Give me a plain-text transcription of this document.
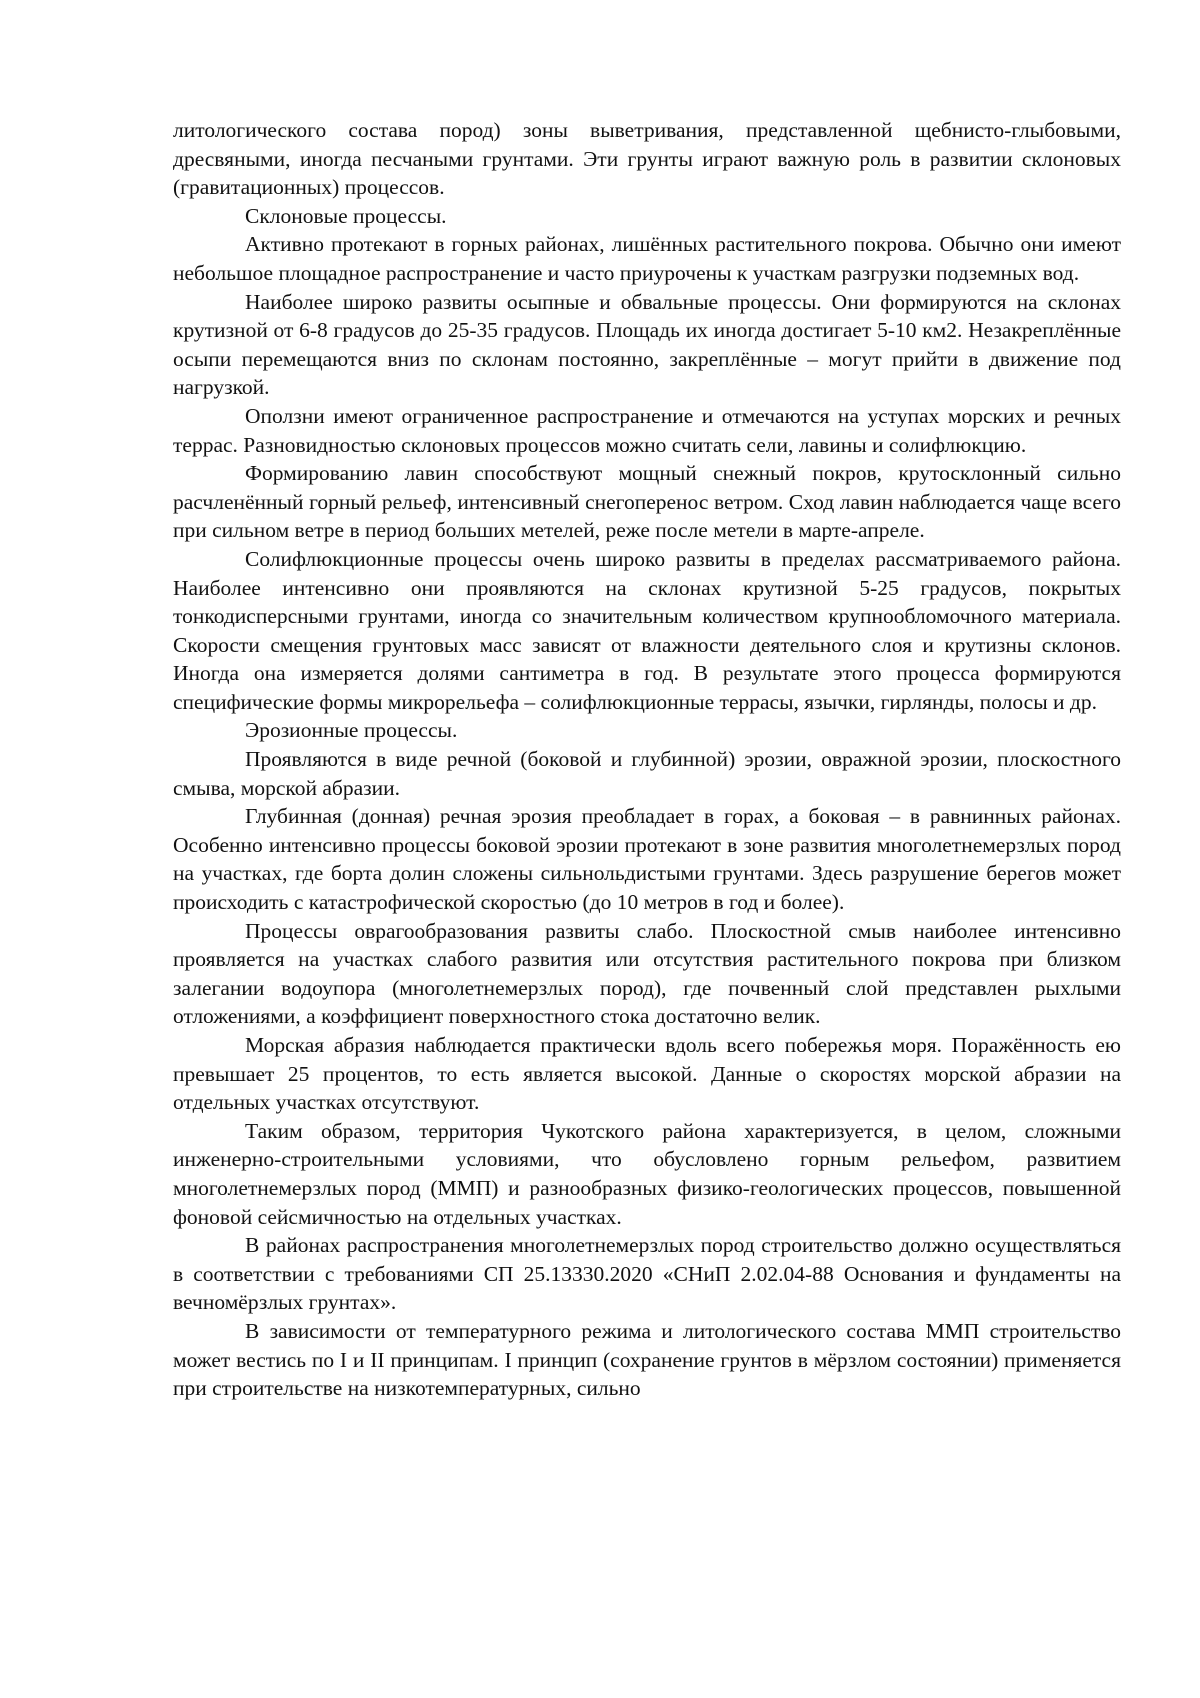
литологического состава пород) зоны выветривания, представленной щебнисто-глыбовыми, дресвяными, иногда песчаными грунтами. Эти грунты играют важную роль в развитии склоновых (гравитационных) процессов.

Склоновые процессы.

Активно протекают в горных районах, лишённых растительного покрова. Обычно они имеют небольшое площадное распространение и часто приурочены к участкам разгрузки подземных вод.

Наиболее широко развиты осыпные и обвальные процессы. Они формируются на склонах крутизной от 6-8 градусов до 25-35 градусов. Площадь их иногда достигает 5-10 км2. Незакреплённые осыпи перемещаются вниз по склонам постоянно, закреплённые – могут прийти в движение под нагрузкой.

Оползни имеют ограниченное распространение и отмечаются на уступах морских и речных террас. Разновидностью склоновых процессов можно считать сели, лавины и солифлюкцию.

Формированию лавин способствуют мощный снежный покров, крутосклонный сильно расчленённый горный рельеф, интенсивный снегоперенос ветром. Сход лавин наблюдается чаще всего при сильном ветре в период больших метелей, реже после метели в марте-апреле.

Солифлюкционные процессы очень широко развиты в пределах рассматриваемого района. Наиболее интенсивно они проявляются на склонах крутизной 5-25 градусов, покрытых тонкодисперсными грунтами, иногда со значительным количеством крупнообломочного материала. Скорости смещения грунтовых масс зависят от влажности деятельного слоя и крутизны склонов. Иногда она измеряется долями сантиметра в год. В результате этого процесса формируются специфические формы микрорельефа – солифлюкционные террасы, язычки, гирлянды, полосы и др.

Эрозионные процессы.

Проявляются в виде речной (боковой и глубинной) эрозии, овражной эрозии, плоскостного смыва, морской абразии.

Глубинная (донная) речная эрозия преобладает в горах, а боковая – в равнинных районах. Особенно интенсивно процессы боковой эрозии протекают в зоне развития многолетнемерзлых пород на участках, где борта долин сложены сильнольдистыми грунтами. Здесь разрушение берегов может происходить с катастрофической скоростью (до 10 метров в год и более).

Процессы оврагообразования развиты слабо. Плоскостной смыв наиболее интенсивно проявляется на участках слабого развития или отсутствия растительного покрова при близком залегании водоупора (многолетнемерзлых пород), где почвенный слой представлен рыхлыми отложениями, а коэффициент поверхностного стока достаточно велик.

Морская абразия наблюдается практически вдоль всего побережья моря. Поражённость ею превышает 25 процентов, то есть является высокой. Данные о скоростях морской абразии на отдельных участках отсутствуют.

Таким образом, территория Чукотского района характеризуется, в целом, сложными инженерно-строительными условиями, что обусловлено горным рельефом, развитием многолетнемерзлых пород (ММП) и разнообразных физико-геологических процессов, повышенной фоновой сейсмичностью на отдельных участках.

В районах распространения многолетнемерзлых пород строительство должно осуществляться в соответствии с требованиями СП 25.13330.2020 «СНиП 2.02.04-88 Основания и фундаменты на вечномёрзлых грунтах».

В зависимости от температурного режима и литологического состава ММП строительство может вестись по I и II принципам. I принцип (сохранение грунтов в мёрзлом состоянии) применяется при строительстве на низкотемпературных, сильно
